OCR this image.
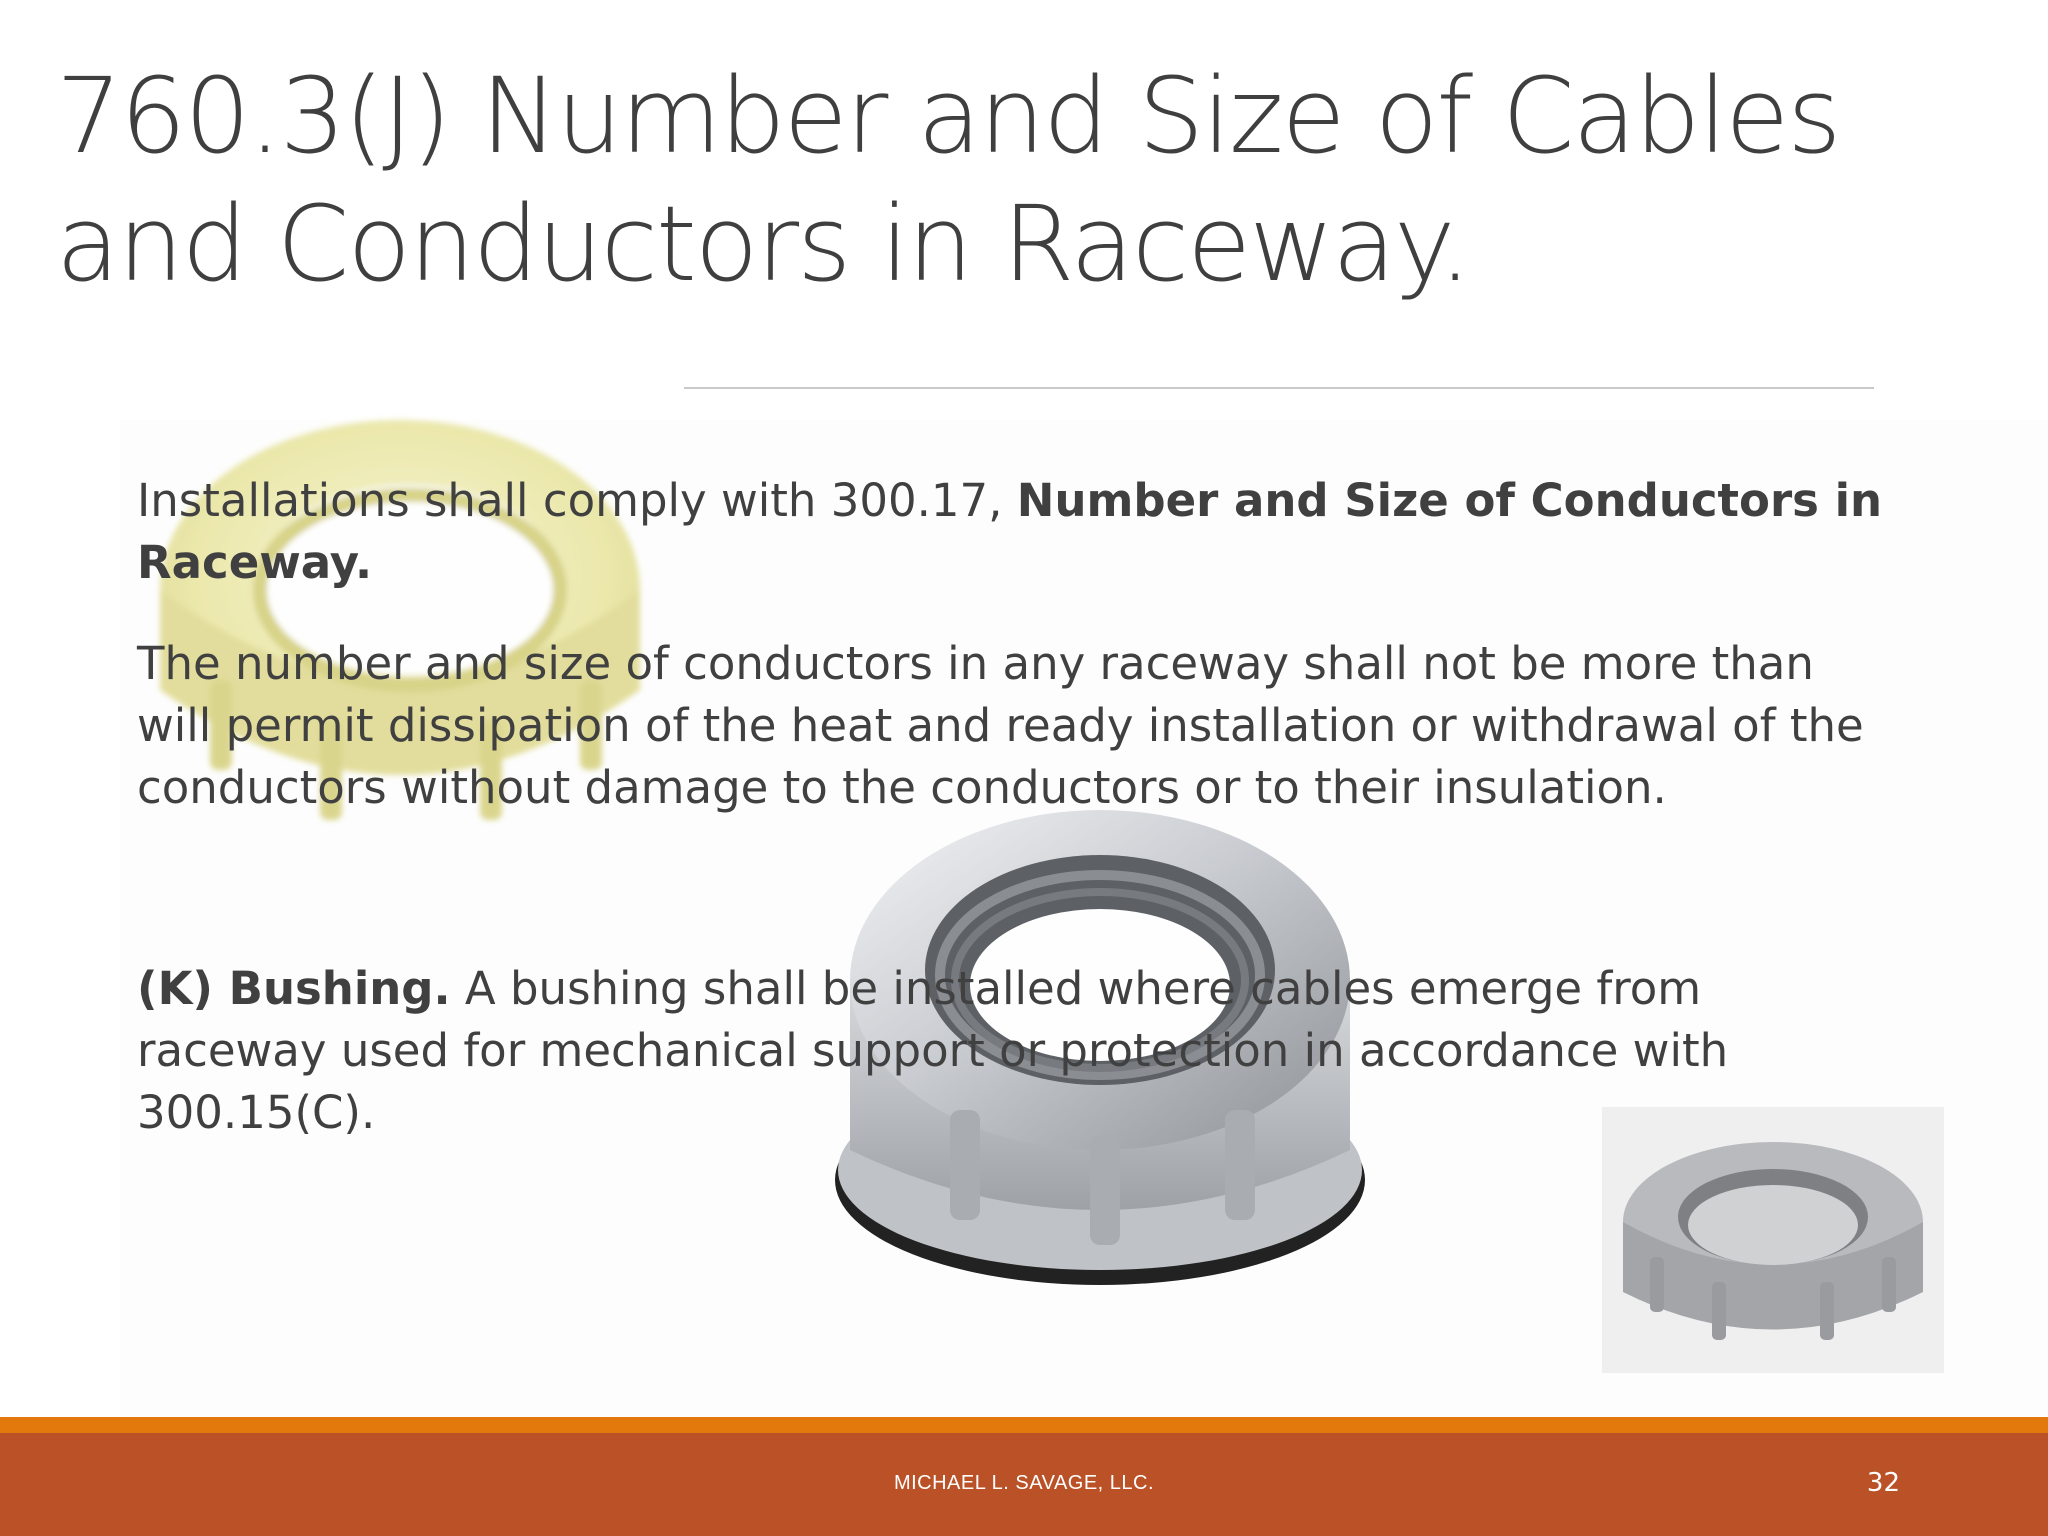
760.3(J) Number and Size of Cables and Conductors in Raceway.

Installations shall comply with 300.17, Number and Size of Conductors in Raceway.

The number and size of conductors in any raceway shall not be more than will permit dissipation of the heat and ready installation or withdrawal of the conductors without damage to the conductors or to their insulation.

(K) Bushing. A bushing shall be installed where cables emerge from raceway used for mechanical support or protection in accordance with 300.15(C).

MICHAEL L. SAVAGE, LLC.	32
